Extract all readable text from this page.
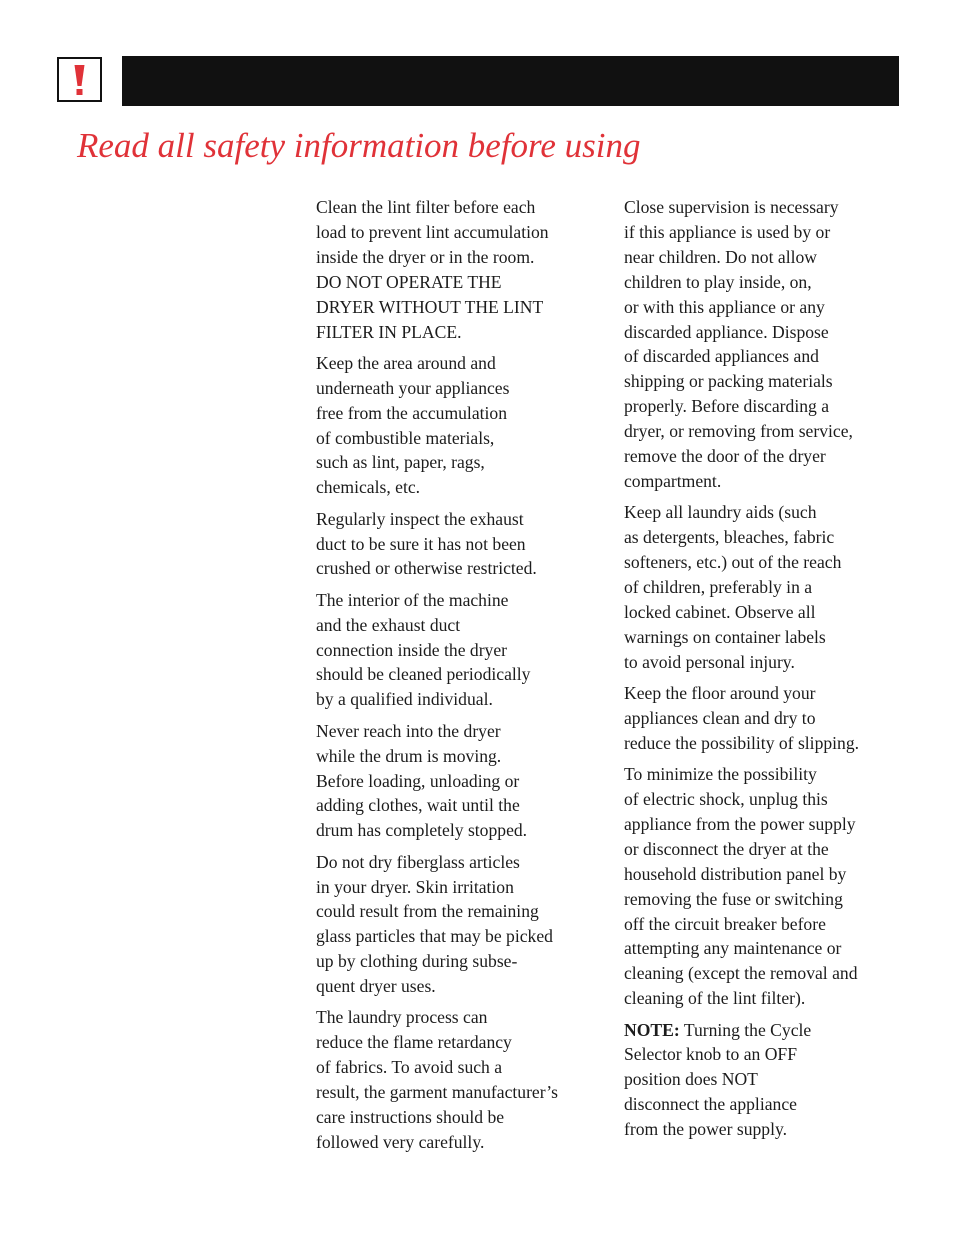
Read all safety information before using

Clean the lint filter before each
load to prevent lint accumulation
inside the dryer or in the room.
DO NOT OPERATE THE
DRYER WITHOUT THE LINT
FILTER IN PLACE.

Keep the area around and
underneath your appliances
free from the accumulation
of combustible materials,
such as lint, paper, rags,
chemicals, etc.

Regularly inspect the exhaust
duct to be sure it has not been
crushed or otherwise restricted.

The interior of the machine
and the exhaust duct
connection inside the dryer
should be cleaned periodically
by a qualified individual.

Never reach into the dryer
while the drum is moving.
Before loading, unloading or
adding clothes, wait until the
drum has completely stopped.

Do not dry fiberglass articles
in your dryer. Skin irritation
could result from the remaining
glass particles that may be picked
up by clothing during subse-
quent dryer uses.

The laundry process can
reduce the flame retardancy
of fabrics. To avoid such a
result, the garment manufacturer’s
care instructions should be
followed very carefully.

Close supervision is necessary
if this appliance is used by or
near children. Do not allow
children to play inside, on,
or with this appliance or any
discarded appliance. Dispose
of discarded appliances and
shipping or packing materials
properly. Before discarding a
dryer, or removing from service,
remove the door of the dryer
compartment.

Keep all laundry aids (such
as detergents, bleaches, fabric
softeners, etc.) out of the reach
of children, preferably in a
locked cabinet. Observe all
warnings on container labels
to avoid personal injury.

Keep the floor around your
appliances clean and dry to
reduce the possibility of slipping.

To minimize the possibility
of electric shock, unplug this
appliance from the power supply
or disconnect the dryer at the
household distribution panel by
removing the fuse or switching
off the circuit breaker before
attempting any maintenance or
cleaning (except the removal and
cleaning of the lint filter).

NOTE: Turning the Cycle
Selector knob to an OFF
position does NOT
disconnect the appliance
from the power supply.
